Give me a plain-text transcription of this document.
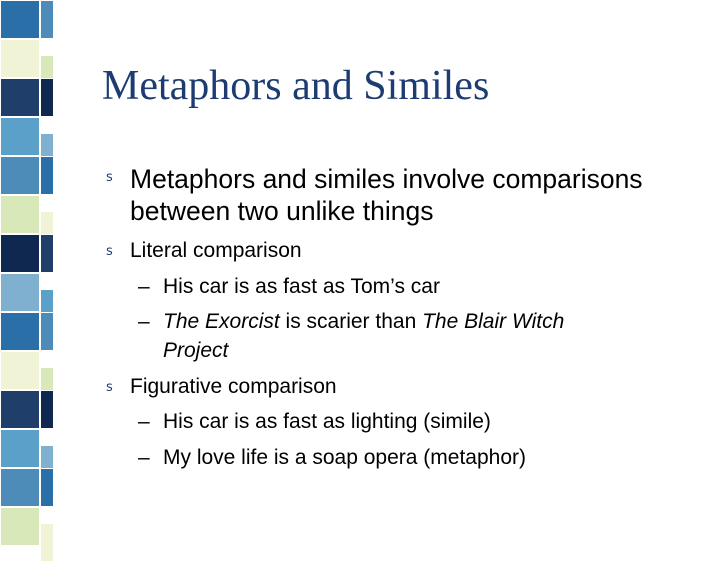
Metaphors and Similes
s Metaphors and similes involve comparisons
between two unlike things
s Literal comparison
– His car is as fast as Tom’s car
– The Exorcist is scarier than The Blair Witch
Project
s Figurative comparison
– His car is as fast as lighting (simile)
– My love life is a soap opera (metaphor)
